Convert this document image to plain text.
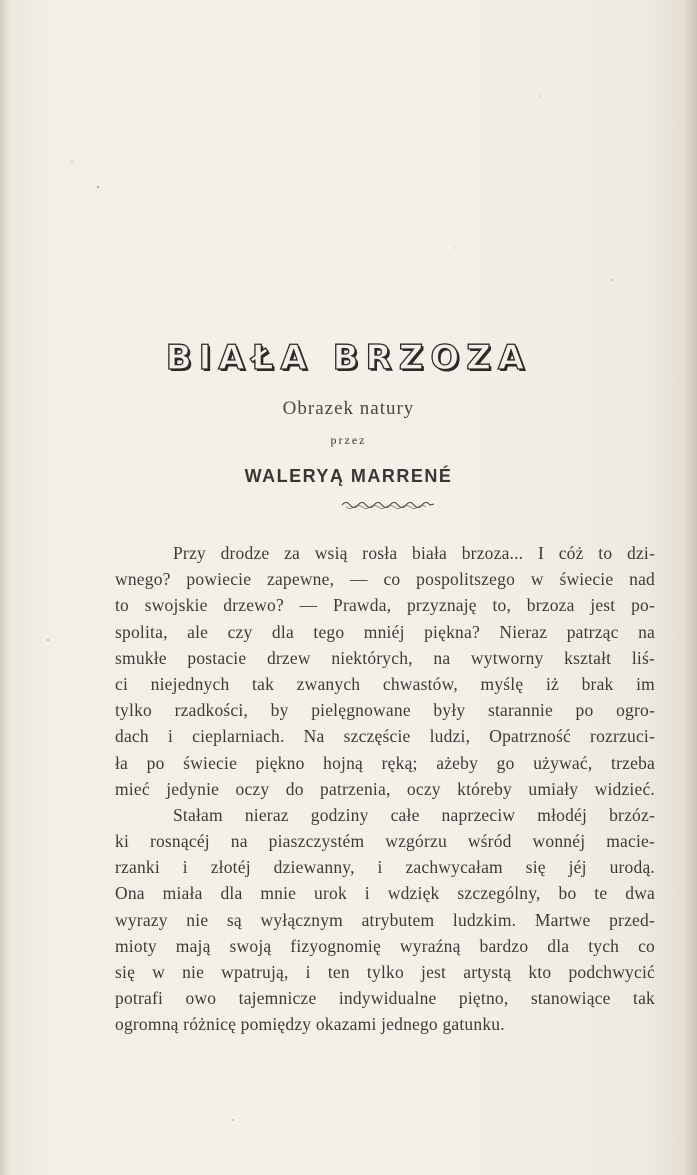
BIAŁA BRZOZA
Obrazek natury
przez
WALERYĄ MARRENÉ
Przy drodze za wsią rosła biała brzoza... I cóż to dzi-
wnego? powiecie zapewne, — co pospolitszego w świecie nad
to swojskie drzewo? — Prawda, przyznaję to, brzoza jest po-
spolita, ale czy dla tego mniéj piękna? Nieraz patrząc na
smukłe postacie drzew niektórych, na wytworny kształt liś-
ci niejednych tak zwanych chwastów, myślę iż brak im
tylko rzadkości, by pielęgnowane były starannie po ogro-
dach i cieplarniach. Na szczęście ludzi, Opatrzność rozrzuci-
ła po świecie piękno hojną ręką; ażeby go używać, trzeba
mieć jedynie oczy do patrzenia, oczy któreby umiały widzieć.
Stałam nieraz godziny całe naprzeciw młodéj brzóz-
ki rosnącéj na piaszczystém wzgórzu wśród wonnéj macie-
rzanki i złotéj dziewanny, i zachwycałam się jéj urodą.
Ona miała dla mnie urok i wdzięk szczególny, bo te dwa
wyrazy nie są wyłącznym atrybutem ludzkim. Martwe przed-
mioty mają swoją fizyognomię wyraźną bardzo dla tych co
się w nie wpatrują, i ten tylko jest artystą kto podchwycić
potrafi owo tajemnicze indywidualne piętno, stanowiące tak
ogromną różnicę pomiędzy okazami jednego gatunku.
